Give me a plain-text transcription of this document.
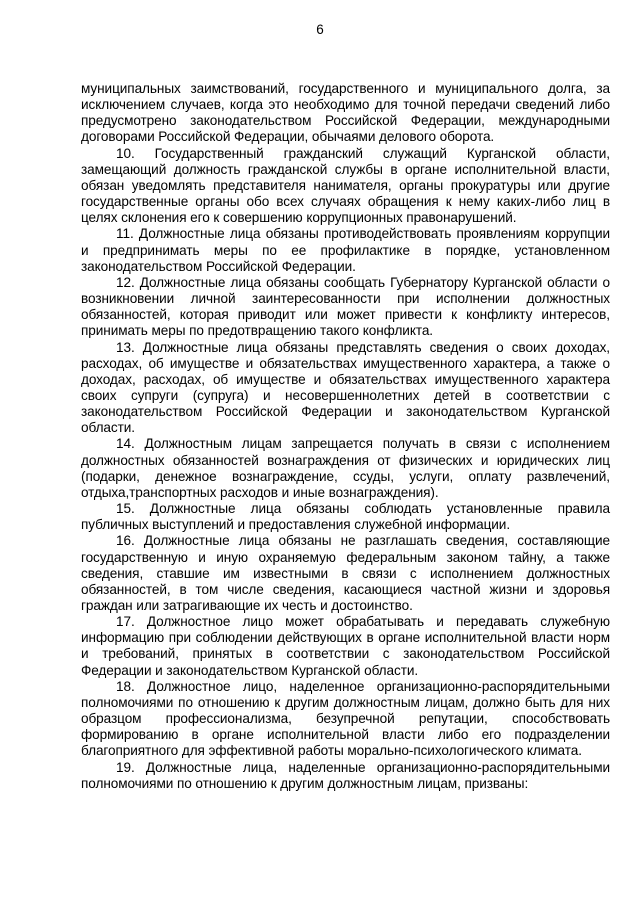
6

муниципальных заимствований, государственного и муниципального долга, за исключением случаев, когда это необходимо для точной передачи сведений либо предусмотрено законодательством Российской Федерации, международными договорами Российской Федерации, обычаями делового оборота.

10. Государственный гражданский служащий Курганской области, замещающий должность гражданской службы в органе исполнительной власти, обязан уведомлять представителя нанимателя, органы прокуратуры или другие государственные органы обо всех случаях обращения к нему каких-либо лиц в целях склонения его к совершению коррупционных правонарушений.

11. Должностные лица обязаны противодействовать проявлениям коррупции и предпринимать меры по ее профилактике в порядке, установленном законодательством Российской Федерации.

12. Должностные лица обязаны сообщать Губернатору Курганской области о возникновении личной заинтересованности при исполнении должностных обязанностей, которая приводит или может привести к конфликту интересов, принимать меры по предотвращению такого конфликта.

13. Должностные лица обязаны представлять сведения о своих доходах, расходах, об имуществе и обязательствах имущественного характера, а также о доходах, расходах, об имуществе и обязательствах имущественного характера своих супруги (супруга) и несовершеннолетних детей в соответствии с законодательством Российской Федерации и законодательством Курганской области.

14. Должностным лицам запрещается получать в связи с исполнением должностных обязанностей вознаграждения от физических и юридических лиц (подарки, денежное вознаграждение, ссуды, услуги, оплату развлечений, отдыха,транспортных расходов и иные вознаграждения).

15. Должностные лица обязаны соблюдать установленные правила публичных выступлений и предоставления служебной информации.

16. Должностные лица обязаны не разглашать сведения, составляющие государственную и иную охраняемую федеральным законом тайну, а также сведения, ставшие им известными в связи с исполнением должностных обязанностей, в том числе сведения, касающиеся частной жизни и здоровья граждан или затрагивающие их честь и достоинство.

17. Должностное лицо может обрабатывать и передавать служебную информацию при соблюдении действующих в органе исполнительной власти норм и требований, принятых в соответствии с законодательством Российской Федерации и законодательством Курганской области.

18. Должностное лицо, наделенное организационно-распорядительными полномочиями по отношению к другим должностным лицам, должно быть для них образцом профессионализма, безупречной репутации, способствовать формированию в органе исполнительной власти либо его подразделении благоприятного для эффективной работы морально-психологического климата.

19. Должностные лица, наделенные организационно-распорядительными полномочиями по отношению к другим должностным лицам, призваны:
